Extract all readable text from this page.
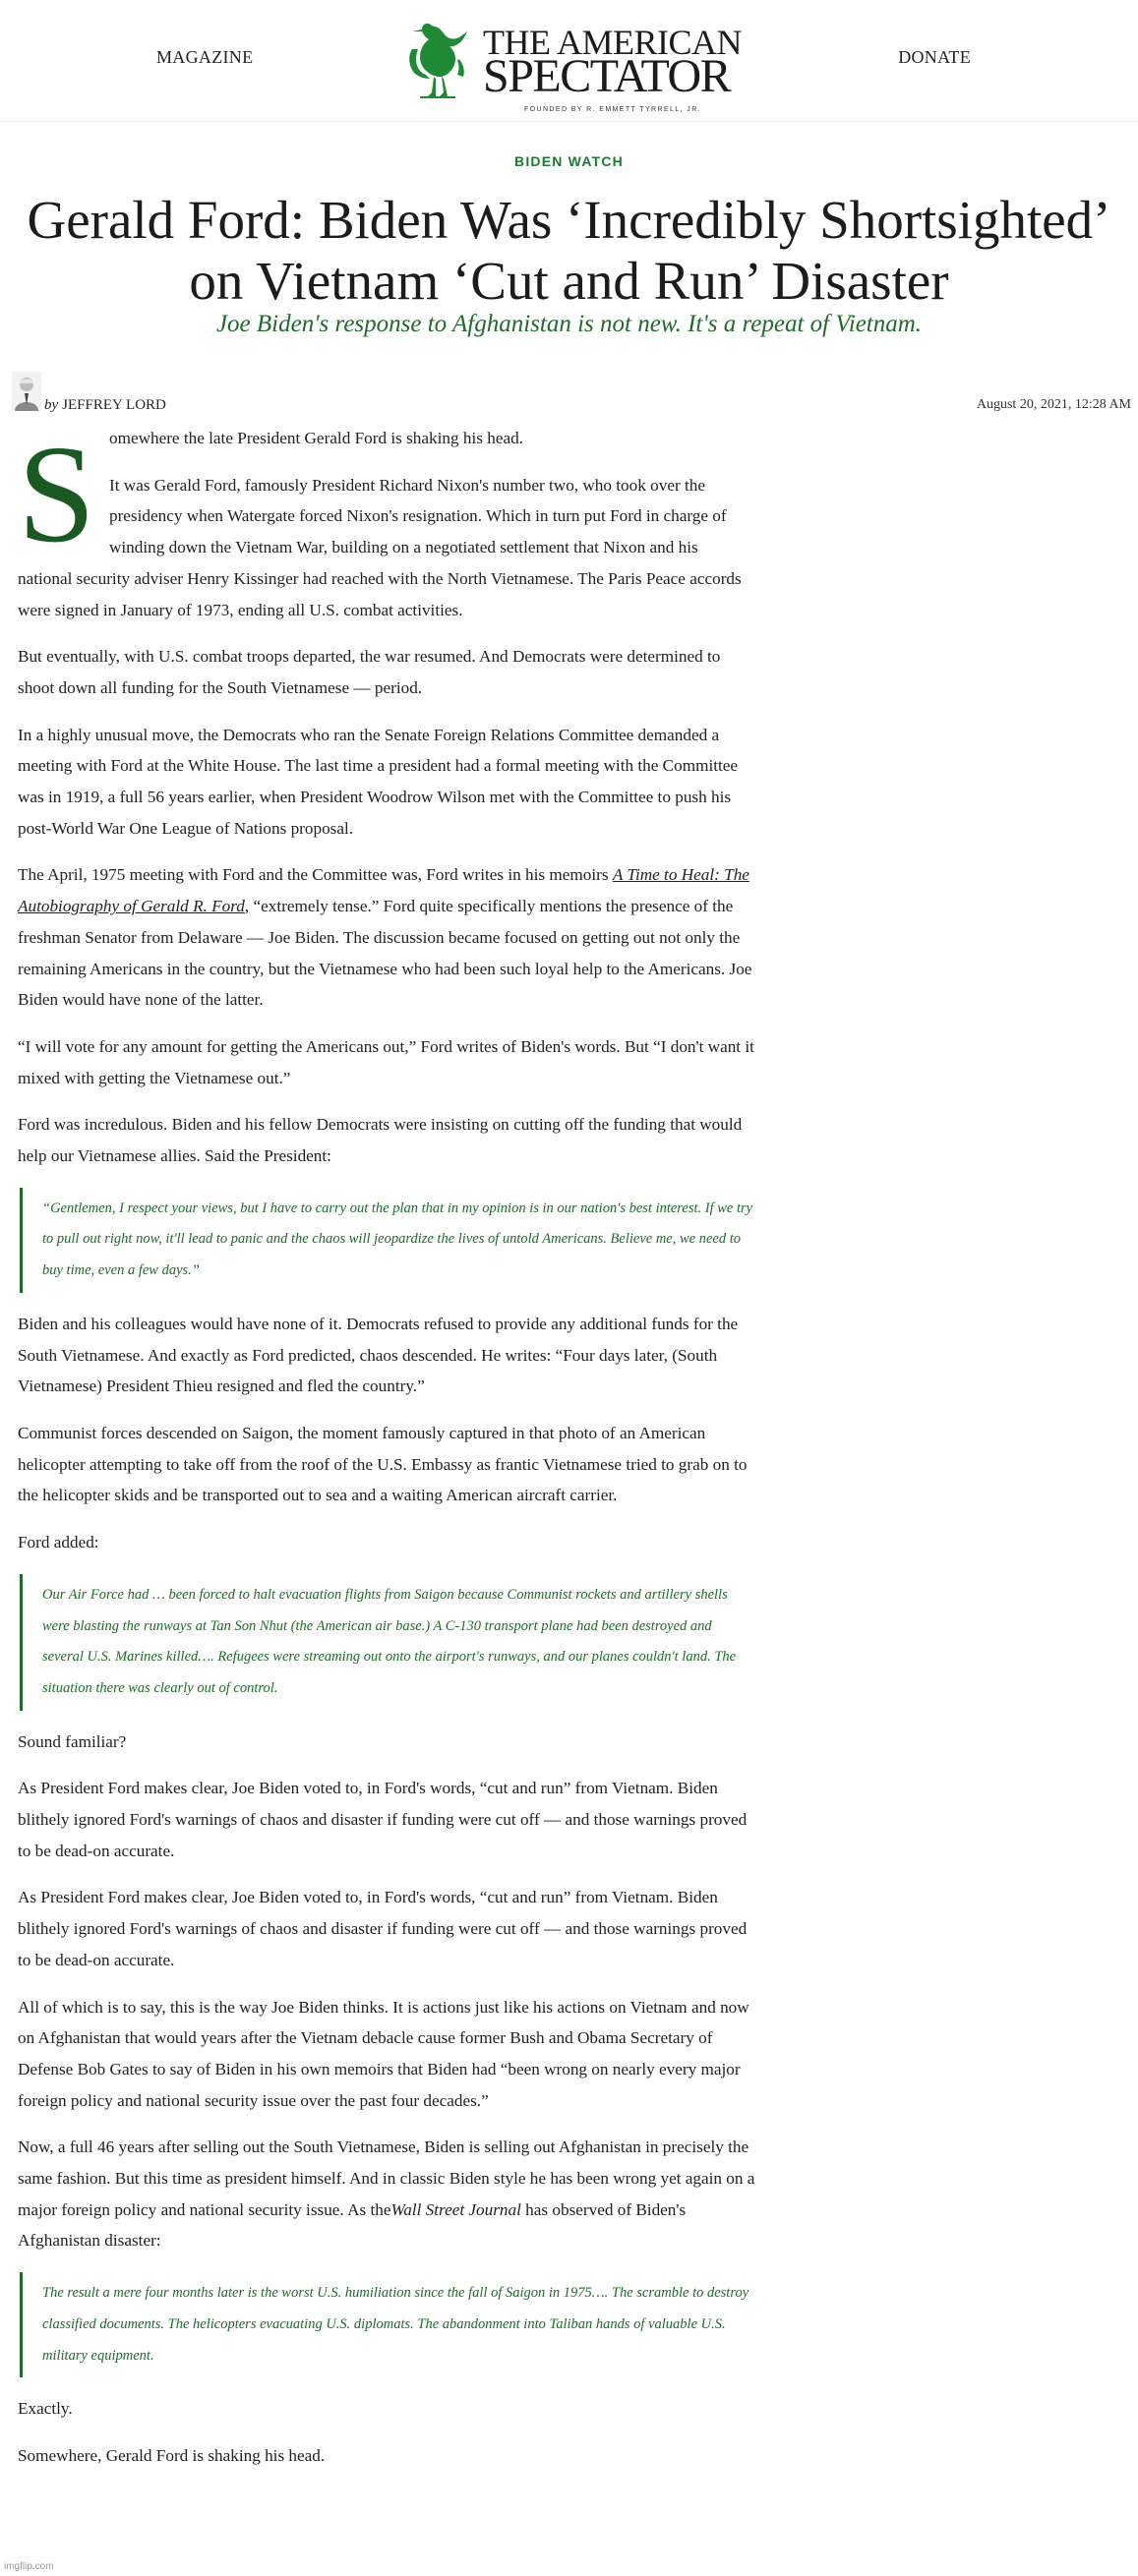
MAGAZINE	THE AMERICAN
SPECTATOR
FOUNDED BY R. EMMETT TYRRELL, JR.
DONATE
BIDEN WATCH
Gerald Ford: Biden Was ‘Incredibly Shortsighted’ on Vietnam ‘Cut and Run’ Disaster
Joe Biden's response to Afghanistan is not new. It's a repeat of Vietnam.
by JEFFREY LORD	August 20, 2021, 12:28 AM

Somewhere the late President Gerald Ford is shaking his head.

It was Gerald Ford, famously President Richard Nixon's number two, who took over the presidency when Watergate forced Nixon's resignation. Which in turn put Ford in charge of winding down the Vietnam War, building on a negotiated settlement that Nixon and his national security adviser Henry Kissinger had reached with the North Vietnamese. The Paris Peace accords were signed in January of 1973, ending all U.S. combat activities.

But eventually, with U.S. combat troops departed, the war resumed. And Democrats were determined to shoot down all funding for the South Vietnamese — period.

In a highly unusual move, the Democrats who ran the Senate Foreign Relations Committee demanded a meeting with Ford at the White House. The last time a president had a formal meeting with the Committee was in 1919, a full 56 years earlier, when President Woodrow Wilson met with the Committee to push his post-World War One League of Nations proposal.

The April, 1975 meeting with Ford and the Committee was, Ford writes in his memoirs A Time to Heal: The Autobiography of Gerald R. Ford, “extremely tense.” Ford quite specifically mentions the presence of the freshman Senator from Delaware — Joe Biden. The discussion became focused on getting out not only the remaining Americans in the country, but the Vietnamese who had been such loyal help to the Americans. Joe Biden would have none of the latter.

“I will vote for any amount for getting the Americans out,” Ford writes of Biden's words. But “I don't want it mixed with getting the Vietnamese out.”

Ford was incredulous. Biden and his fellow Democrats were insisting on cutting off the funding that would help our Vietnamese allies. Said the President:

“Gentlemen, I respect your views, but I have to carry out the plan that in my opinion is in our nation's best interest. If we try to pull out right now, it'll lead to panic and the chaos will jeopardize the lives of untold Americans. Believe me, we need to buy time, even a few days.”

Biden and his colleagues would have none of it. Democrats refused to provide any additional funds for the South Vietnamese. And exactly as Ford predicted, chaos descended. He writes: “Four days later, (South Vietnamese) President Thieu resigned and fled the country.”

Communist forces descended on Saigon, the moment famously captured in that photo of an American helicopter attempting to take off from the roof of the U.S. Embassy as frantic Vietnamese tried to grab on to the helicopter skids and be transported out to sea and a waiting American aircraft carrier.

Ford added:

Our Air Force had … been forced to halt evacuation flights from Saigon because Communist rockets and artillery shells were blasting the runways at Tan Son Nhut (the American air base.) A C-130 transport plane had been destroyed and several U.S. Marines killed…. Refugees were streaming out onto the airport's runways, and our planes couldn't land. The situation there was clearly out of control.

Sound familiar?

As President Ford makes clear, Joe Biden voted to, in Ford's words, “cut and run” from Vietnam. Biden blithely ignored Ford's warnings of chaos and disaster if funding were cut off — and those warnings proved to be dead-on accurate.

As President Ford makes clear, Joe Biden voted to, in Ford's words, “cut and run” from Vietnam. Biden blithely ignored Ford's warnings of chaos and disaster if funding were cut off — and those warnings proved to be dead-on accurate.

All of which is to say, this is the way Joe Biden thinks. It is actions just like his actions on Vietnam and now on Afghanistan that would years after the Vietnam debacle cause former Bush and Obama Secretary of Defense Bob Gates to say of Biden in his own memoirs that Biden had “been wrong on nearly every major foreign policy and national security issue over the past four decades.”

Now, a full 46 years after selling out the South Vietnamese, Biden is selling out Afghanistan in precisely the same fashion. But this time as president himself. And in classic Biden style he has been wrong yet again on a major foreign policy and national security issue. As theWall Street Journal has observed of Biden's Afghanistan disaster:

The result a mere four months later is the worst U.S. humiliation since the fall of Saigon in 1975…. The scramble to destroy classified documents. The helicopters evacuating U.S. diplomats. The abandonment into Taliban hands of valuable U.S. military equipment.

Exactly.

Somewhere, Gerald Ford is shaking his head.

imgflip.com
